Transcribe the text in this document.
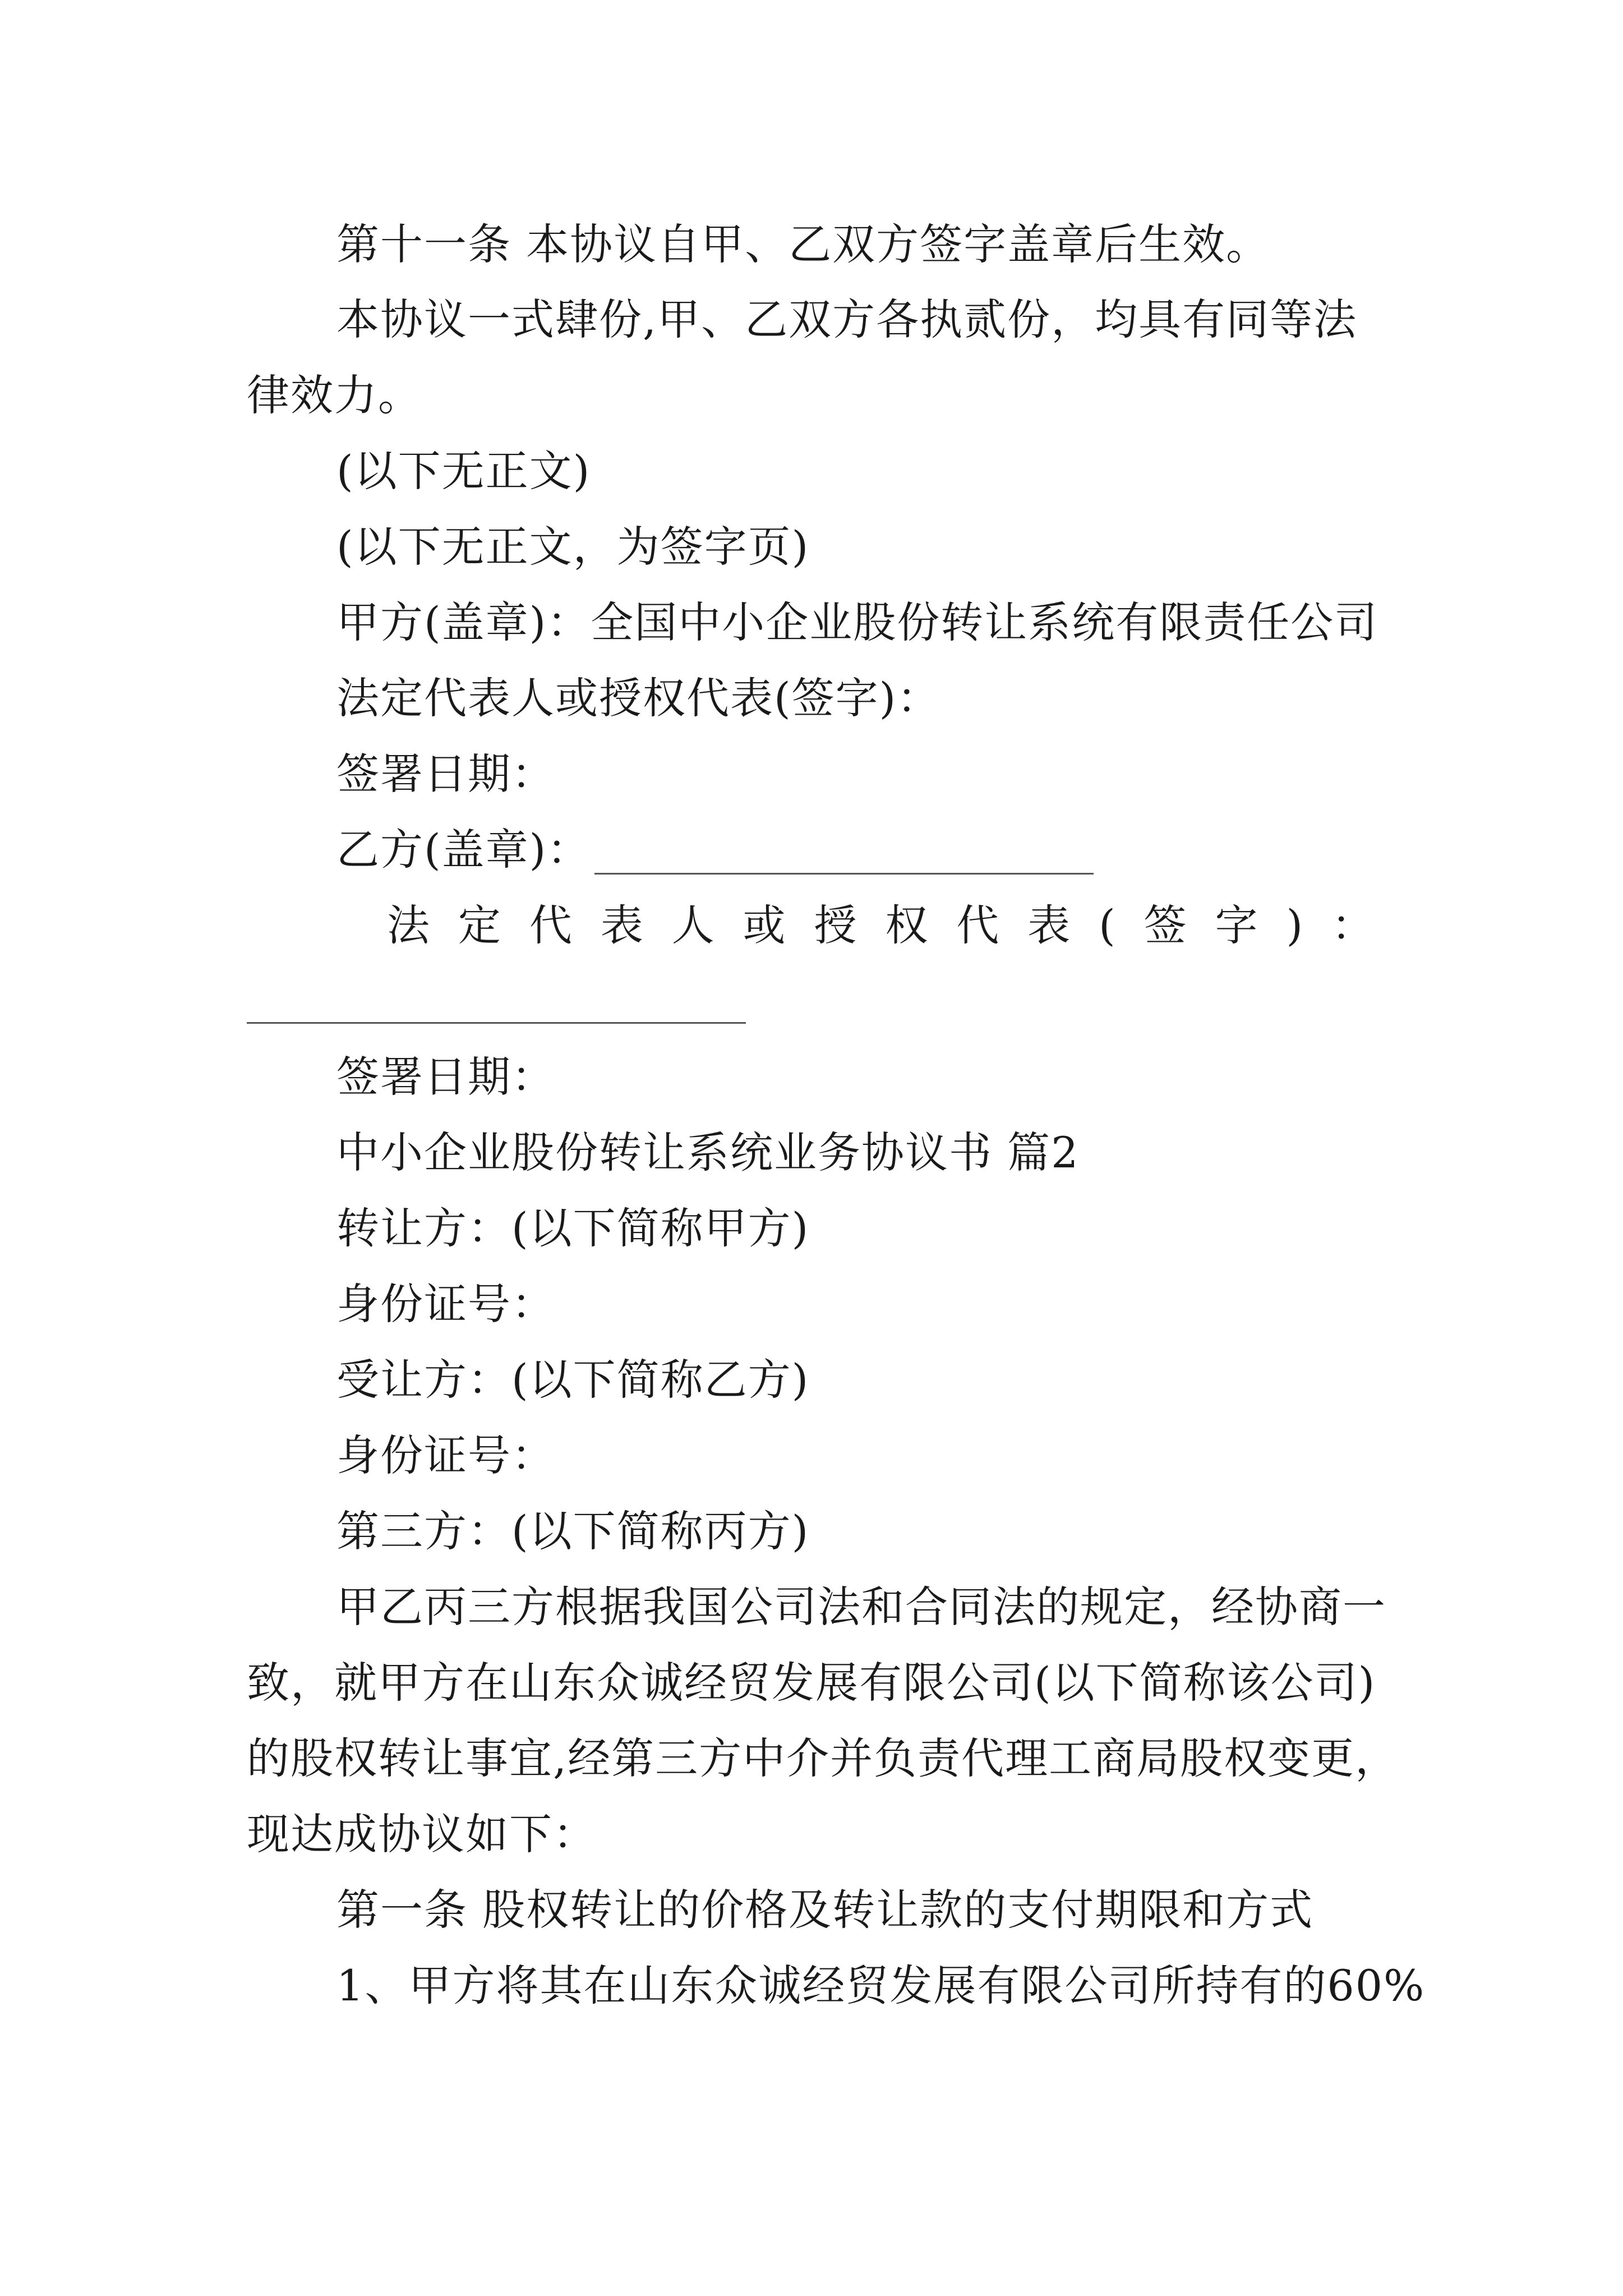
第十一条 本协议自甲、乙双方签字盖章后生效。
本协议一式肆份,甲、乙双方各执贰份，均具有同等法
律效力。
(以下无正文)
(以下无正文，为签字页)
甲方(盖章)：全国中小企业股份转让系统有限责任公司
法定代表人或授权代表(签字)：
签署日期：
乙方(盖章)：
法 定 代 表 人 或 授 权 代 表 ( 签 字 ) ：
签署日期：
中小企业股份转让系统业务协议书 篇2
转让方：(以下简称甲方)
身份证号：
受让方：(以下简称乙方)
身份证号：
第三方：(以下简称丙方)
甲乙丙三方根据我国公司法和合同法的规定，经协商一
致，就甲方在山东众诚经贸发展有限公司(以下简称该公司)
的股权转让事宜,经第三方中介并负责代理工商局股权变更，
现达成协议如下：
第一条 股权转让的价格及转让款的支付期限和方式
1、甲方将其在山东众诚经贸发展有限公司所持有的60%
